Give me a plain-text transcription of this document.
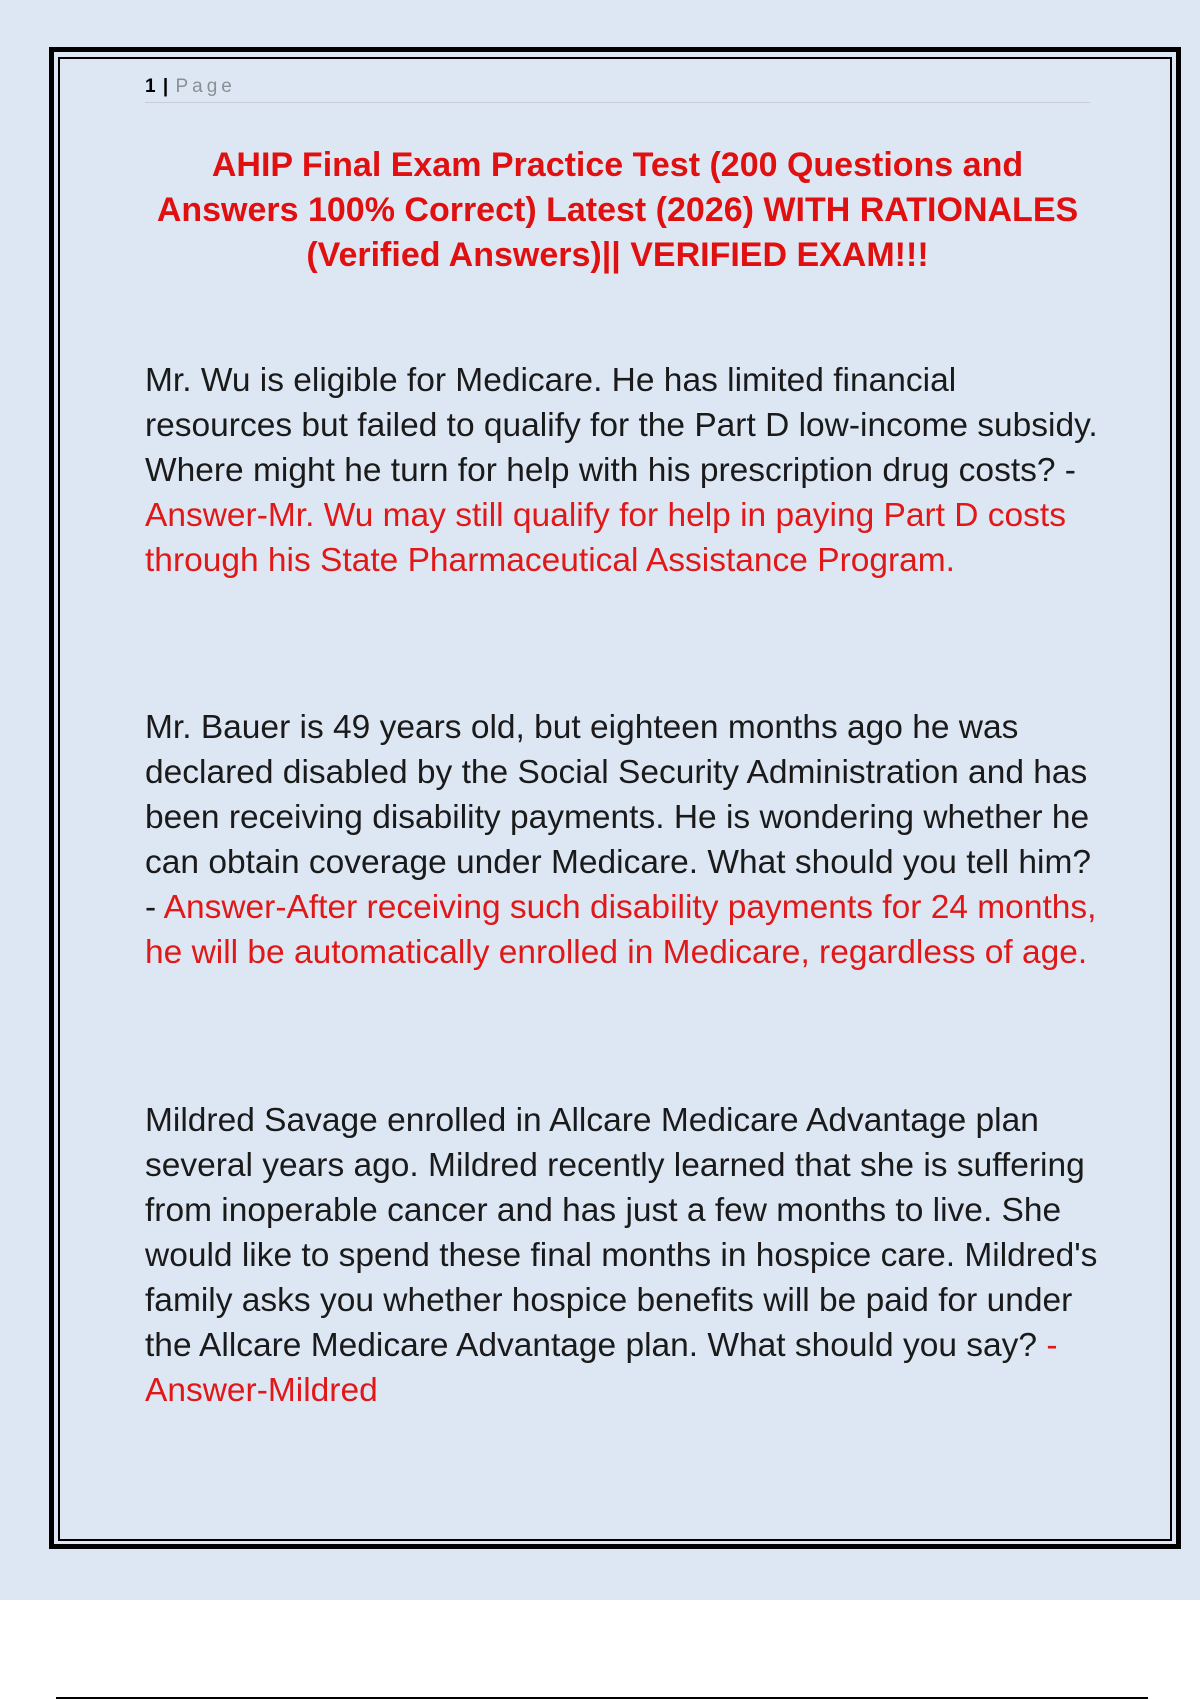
1 | Page
AHIP Final Exam Practice Test (200 Questions and Answers 100% Correct) Latest (2026) WITH RATIONALES (Verified Answers)|| VERIFIED EXAM!!!
Mr. Wu is eligible for Medicare. He has limited financial resources but failed to qualify for the Part D low-income subsidy. Where might he turn for help with his prescription drug costs? - Answer-Mr. Wu may still qualify for help in paying Part D costs through his State Pharmaceutical Assistance Program.
Mr. Bauer is 49 years old, but eighteen months ago he was declared disabled by the Social Security Administration and has been receiving disability payments. He is wondering whether he can obtain coverage under Medicare. What should you tell him? - Answer-After receiving such disability payments for 24 months, he will be automatically enrolled in Medicare, regardless of age.
Mildred Savage enrolled in Allcare Medicare Advantage plan several years ago. Mildred recently learned that she is suffering from inoperable cancer and has just a few months to live. She would like to spend these final months in hospice care. Mildred's family asks you whether hospice benefits will be paid for under the Allcare Medicare Advantage plan. What should you say? - Answer-Mildred
